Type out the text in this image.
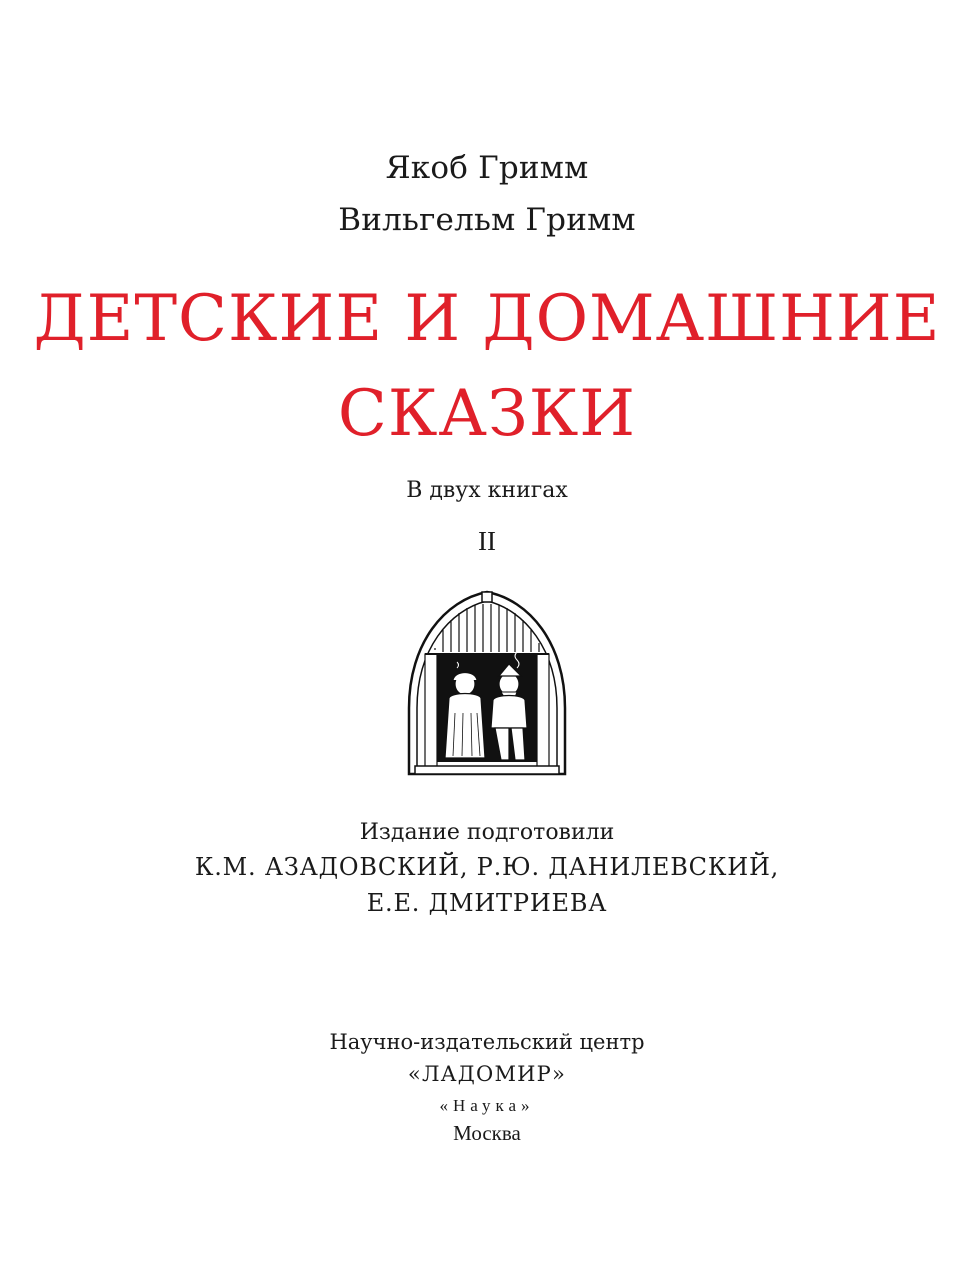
Якоб Гримм
Вильгельм Гримм
ДЕТСКИЕ И ДОМАШНИЕ
СКАЗКИ
В двух книгах
II
Издание подготовили
К.М. АЗАДОВСКИЙ, Р.Ю. ДАНИЛЕВСКИЙ,
Е.Е. ДМИТРИЕВА
Научно-издательский центр
«ЛАДОМИР»
«Наука»
Москва
